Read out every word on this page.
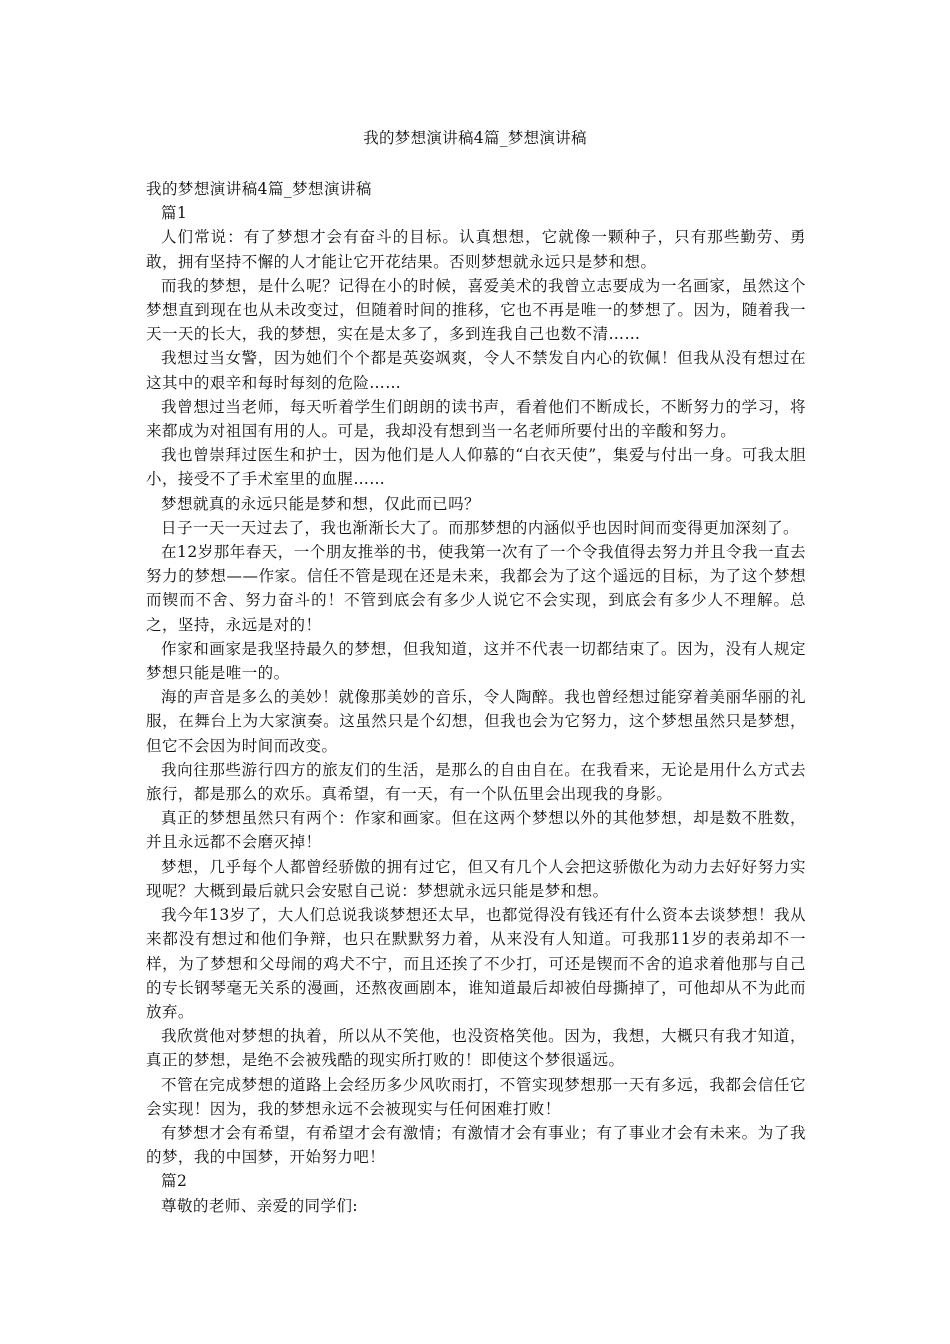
我的梦想演讲稿4篇_梦想演讲稿

我的梦想演讲稿4篇_梦想演讲稿

篇1

人们常说：有了梦想才会有奋斗的目标。认真想想，它就像一颗种子，只有那些勤劳、勇敢，拥有坚持不懈的人才能让它开花结果。否则梦想就永远只是梦和想。

而我的梦想，是什么呢？记得在小的时候，喜爱美术的我曾立志要成为一名画家，虽然这个梦想直到现在也从未改变过，但随着时间的推移，它也不再是唯一的梦想了。因为，随着我一天一天的长大，我的梦想，实在是太多了，多到连我自己也数不清……

我想过当女警，因为她们个个都是英姿飒爽，令人不禁发自内心的钦佩！但我从没有想过在这其中的艰辛和每时每刻的危险……

我曾想过当老师，每天听着学生们朗朗的读书声，看着他们不断成长，不断努力的学习，将来都成为对祖国有用的人。可是，我却没有想到当一名老师所要付出的辛酸和努力。

我也曾崇拜过医生和护士，因为他们是人人仰慕的“白衣天使”，集爱与付出一身。可我太胆小，接受不了手术室里的血腥……

梦想就真的永远只能是梦和想，仅此而已吗？

日子一天一天过去了，我也渐渐长大了。而那梦想的内涵似乎也因时间而变得更加深刻了。

在12岁那年春天，一个朋友推举的书，使我第一次有了一个令我值得去努力并且令我一直去努力的梦想——作家。信任不管是现在还是未来，我都会为了这个遥远的目标，为了这个梦想而锲而不舍、努力奋斗的！不管到底会有多少人说它不会实现，到底会有多少人不理解。总之，坚持，永远是对的！

作家和画家是我坚持最久的梦想，但我知道，这并不代表一切都结束了。因为，没有人规定梦想只能是唯一的。

海的声音是多么的美妙！就像那美妙的音乐，令人陶醉。我也曾经想过能穿着美丽华丽的礼服，在舞台上为大家演奏。这虽然只是个幻想，但我也会为它努力，这个梦想虽然只是梦想，但它不会因为时间而改变。

我向往那些游行四方的旅友们的生活，是那么的自由自在。在我看来，无论是用什么方式去旅行，都是那么的欢乐。真希望，有一天，有一个队伍里会出现我的身影。

真正的梦想虽然只有两个：作家和画家。但在这两个梦想以外的其他梦想，却是数不胜数，并且永远都不会磨灭掉！

梦想，几乎每个人都曾经骄傲的拥有过它，但又有几个人会把这骄傲化为动力去好好努力实现呢？大概到最后就只会安慰自己说：梦想就永远只能是梦和想。

我今年13岁了，大人们总说我谈梦想还太早，也都觉得没有钱还有什么资本去谈梦想！我从来都没有想过和他们争辩，也只在默默努力着，从来没有人知道。可我那11岁的表弟却不一样，为了梦想和父母闹的鸡犬不宁，而且还挨了不少打，可还是锲而不舍的追求着他那与自己的专长钢琴毫无关系的漫画，还熬夜画剧本，谁知道最后却被伯母撕掉了，可他却从不为此而放弃。

我欣赏他对梦想的执着，所以从不笑他，也没资格笑他。因为，我想，大概只有我才知道，真正的梦想，是绝不会被残酷的现实所打败的！即使这个梦很遥远。

不管在完成梦想的道路上会经历多少风吹雨打，不管实现梦想那一天有多远，我都会信任它会实现！因为，我的梦想永远不会被现实与任何困难打败！

有梦想才会有希望，有希望才会有激情；有激情才会有事业；有了事业才会有未来。为了我的梦，我的中国梦，开始努力吧！

篇2

尊敬的老师、亲爱的同学们:
